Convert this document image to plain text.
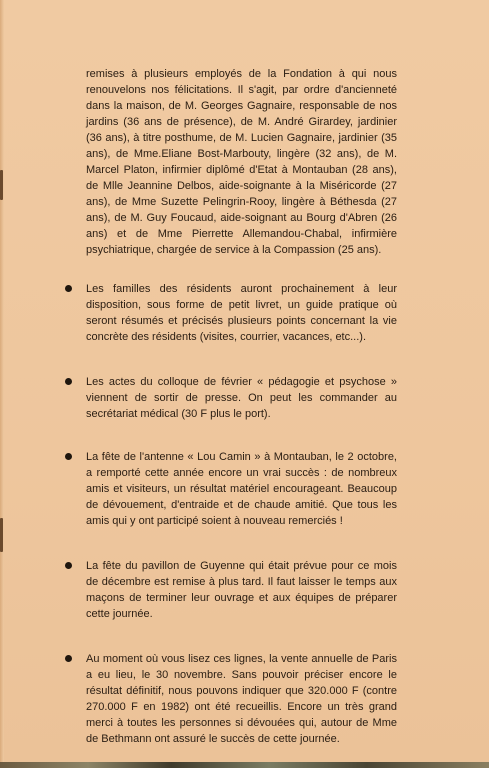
remises à plusieurs employés de la Fondation à qui nous renouvelons nos félicitations. Il s'agit, par ordre d'ancienneté dans la maison, de M. Georges Gagnaire, responsable de nos jardins (36 ans de présence), de M. André Girardey, jardinier (36 ans), à titre posthume, de M. Lucien Gagnaire, jardinier (35 ans), de Mme.Eliane Bost-Marbouty, lingère (32 ans), de M. Marcel Platon, infirmier diplômé d'Etat à Montauban (28 ans), de Mlle Jeannine Delbos, aide-soignante à la Miséricorde (27 ans), de Mme Suzette Pelingrin-Rooy, lingère à Béthesda (27 ans), de M. Guy Foucaud, aide-soignant au Bourg d'Abren (26 ans) et de Mme Pierrette Allemandou-Chabal, infirmière psychiatrique, chargée de service à la Compassion (25 ans).

Les familles des résidents auront prochainement à leur disposition, sous forme de petit livret, un guide pratique où seront résumés et précisés plusieurs points concernant la vie concrète des résidents (visites, courrier, vacances, etc...).

Les actes du colloque de février « pédagogie et psychose » viennent de sortir de presse. On peut les commander au secrétariat médical (30 F plus le port).

La fête de l'antenne « Lou Camin » à Montauban, le 2 octobre, a remporté cette année encore un vrai succès : de nombreux amis et visiteurs, un résultat matériel encourageant. Beaucoup de dévouement, d'entraide et de chaude amitié. Que tous les amis qui y ont participé soient à nouveau remerciés !

La fête du pavillon de Guyenne qui était prévue pour ce mois de décembre est remise à plus tard. Il faut laisser le temps aux maçons de terminer leur ouvrage et aux équipes de préparer cette journée.

Au moment où vous lisez ces lignes, la vente annuelle de Paris a eu lieu, le 30 novembre. Sans pouvoir préciser encore le résultat définitif, nous pouvons indiquer que 320.000 F (contre 270.000 F en 1982) ont été recueillis. Encore un très grand merci à toutes les personnes si dévouées qui, autour de Mme de Bethmann ont assuré le succès de cette journée.
